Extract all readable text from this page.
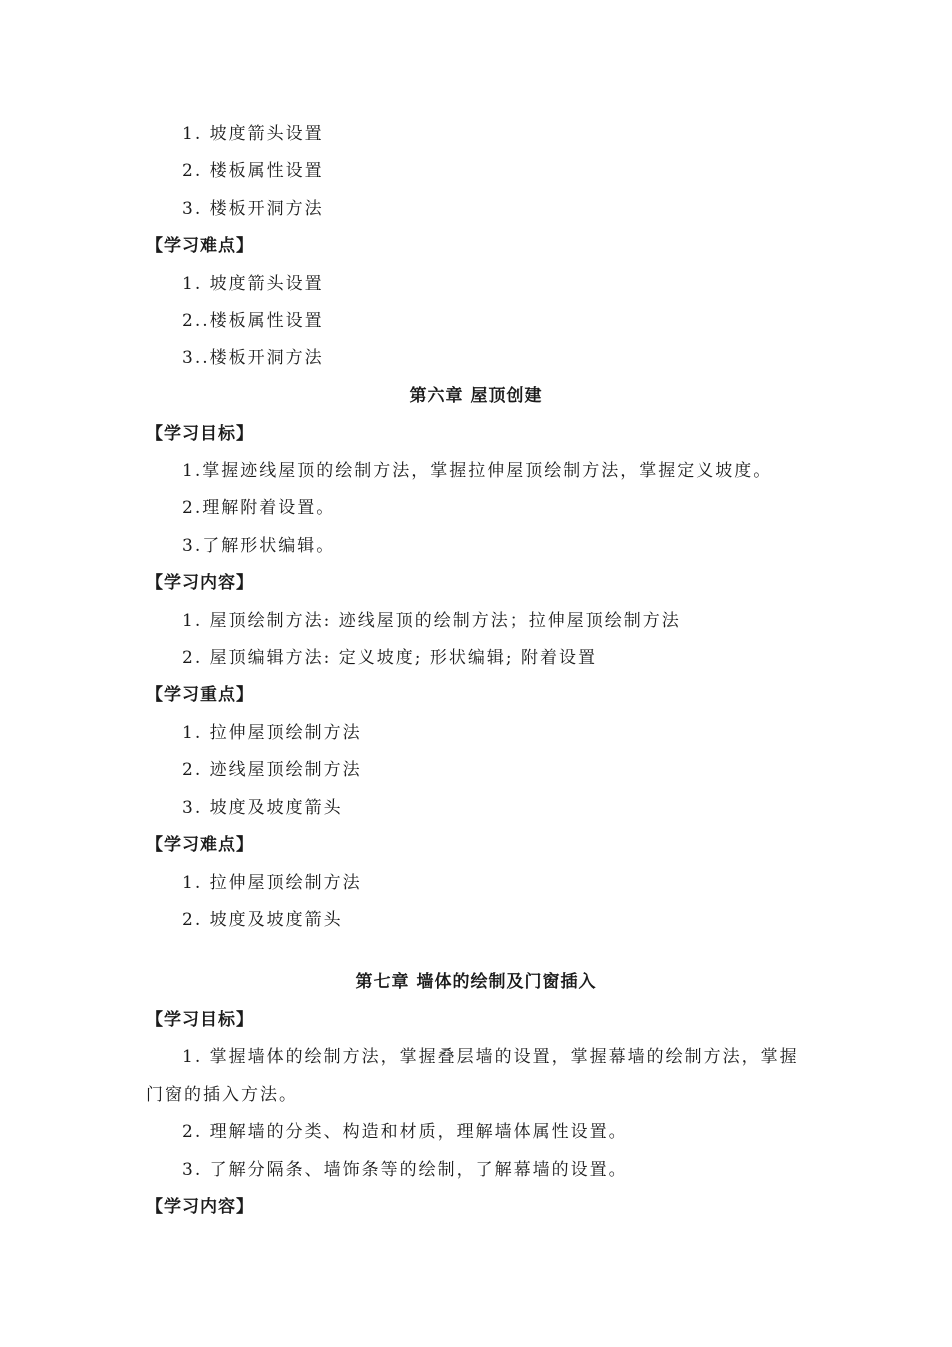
1. 坡度箭头设置
2. 楼板属性设置
3. 楼板开洞方法
【学习难点】
1. 坡度箭头设置
2..楼板属性设置
3..楼板开洞方法
第六章 屋顶创建
【学习目标】
1.掌握迹线屋顶的绘制方法，掌握拉伸屋顶绘制方法，掌握定义坡度。
2.理解附着设置。
3.了解形状编辑。
【学习内容】
1. 屋顶绘制方法: 迹线屋顶的绘制方法；拉伸屋顶绘制方法
2. 屋顶编辑方法: 定义坡度; 形状编辑; 附着设置
【学习重点】
1. 拉伸屋顶绘制方法
2. 迹线屋顶绘制方法
3. 坡度及坡度箭头
【学习难点】
1. 拉伸屋顶绘制方法
2. 坡度及坡度箭头
第七章 墙体的绘制及门窗插入
【学习目标】
1. 掌握墙体的绘制方法，掌握叠层墙的设置，掌握幕墙的绘制方法，掌握
门窗的插入方法。
2. 理解墙的分类、构造和材质，理解墙体属性设置。
3. 了解分隔条、墙饰条等的绘制，了解幕墙的设置。
【学习内容】
